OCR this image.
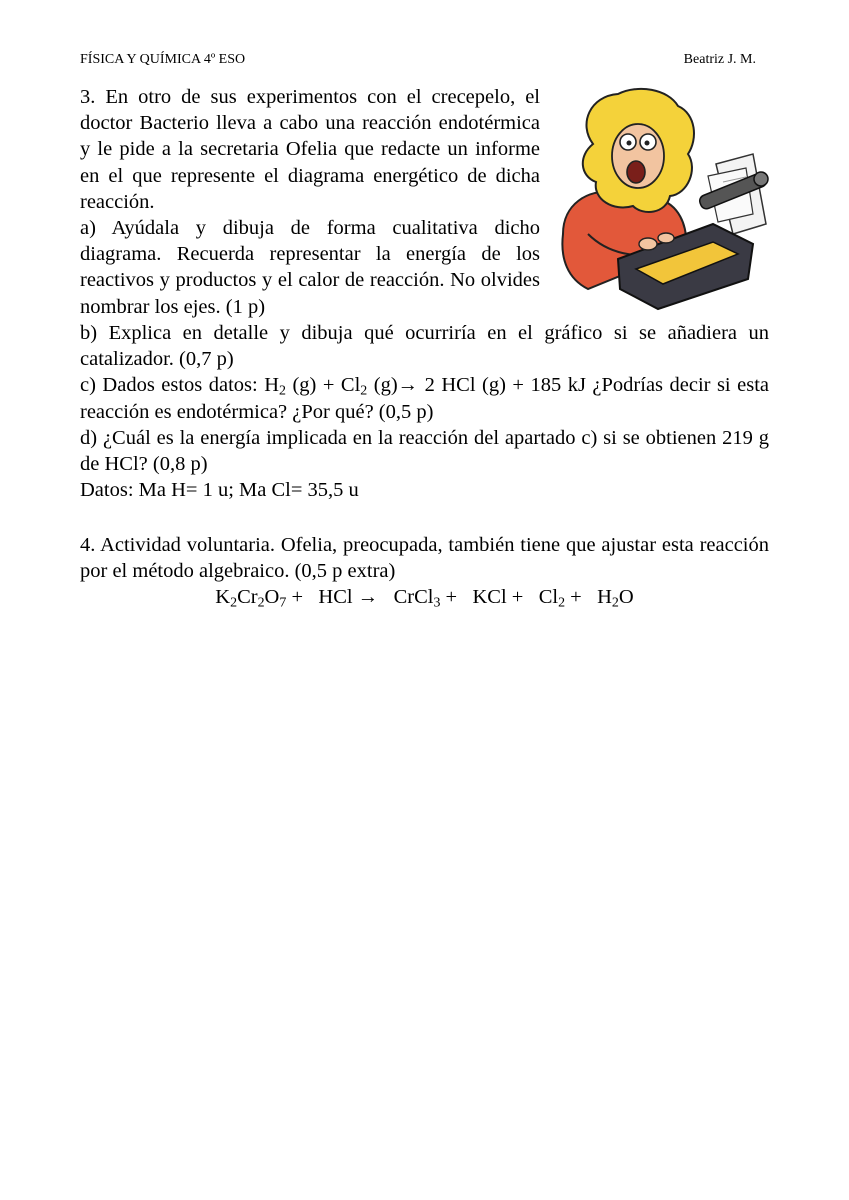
FÍSICA Y QUÍMICA 4º ESO	Beatriz J. M.

3. En otro de sus experimentos con el crecepelo, el doctor Bacterio lleva a cabo una reacción endotérmica y le pide a la secretaria Ofelia que redacte un informe en el que represente el diagrama energético de dicha reacción.

a) Ayúdala y dibuja de forma cualitativa dicho diagrama. Recuerda representar la energía de los reactivos y productos y el calor de reacción. No olvides nombrar los ejes. (1 p)

b) Explica en detalle y dibuja qué ocurriría en el gráfico si se añadiera un catalizador. (0,7 p)

c) Dados estos datos: $H_2$ $(g) + Cl_2$ (g)→ 2 HCl (g) + 185 kJ ¿Podrías decir si esta reacción es endotérmica? ¿Por qué? (0,5 p)

d) ¿Cuál es la energía implicada en la reacción del apartado c) si se obtienen 219 g de HCl? (0,8 p)

Datos: Ma H= 1 u; Ma Cl= 35,5 u

4. Actividad voluntaria. Ofelia, preocupada, también tiene que ajustar esta reacción por el método algebraico. (0,5 p extra)

$K_2Cr_2O_7$ +   HCl →   CrCl$_3$ +   KCl +   $Cl_2 + H_2O$
